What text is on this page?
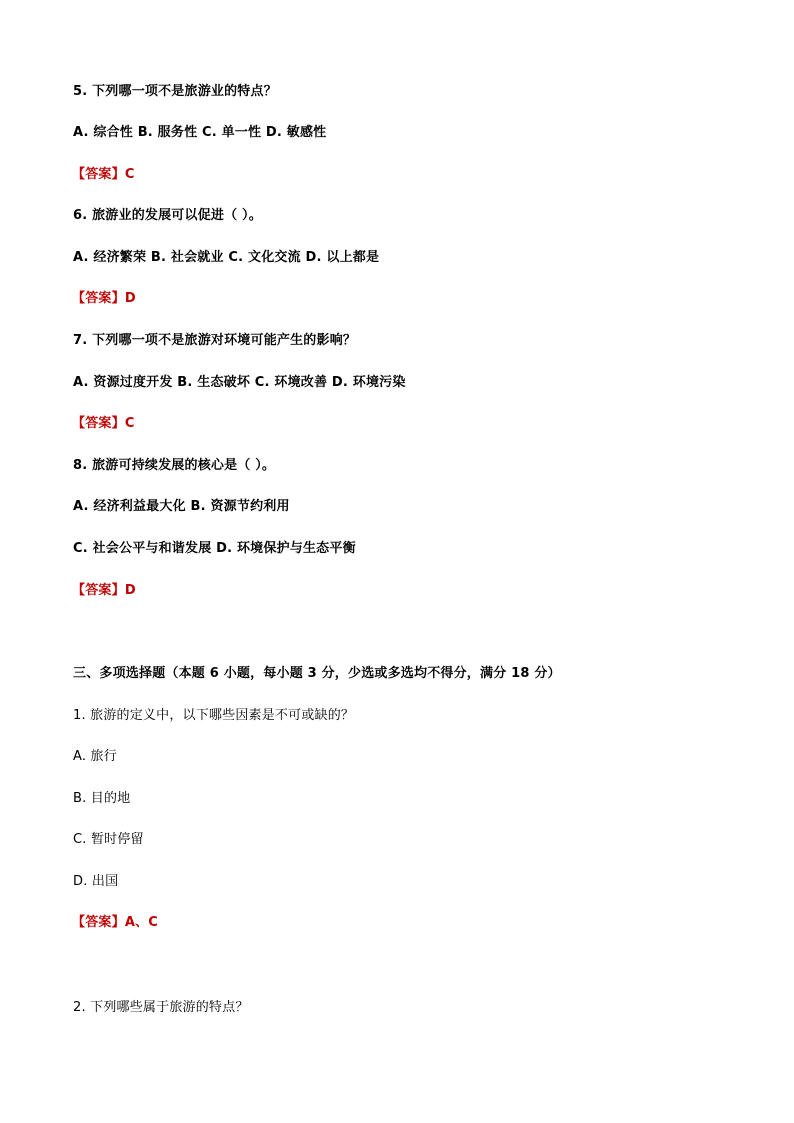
5. 下列哪一项不是旅游业的特点？
A. 综合性 B. 服务性 C. 单一性 D. 敏感性
【答案】C
6. 旅游业的发展可以促进（ ）。
A. 经济繁荣 B. 社会就业 C. 文化交流 D. 以上都是
【答案】D
7. 下列哪一项不是旅游对环境可能产生的影响？
A. 资源过度开发 B. 生态破坏 C. 环境改善 D. 环境污染
【答案】C
8. 旅游可持续发展的核心是（ ）。
A. 经济利益最大化 B. 资源节约利用
C. 社会公平与和谐发展 D. 环境保护与生态平衡
【答案】D
三、多项选择题（本题 6 小题，每小题 3 分，少选或多选均不得分，满分 18 分）
1. 旅游的定义中，以下哪些因素是不可或缺的？
A. 旅行
B. 目的地
C. 暂时停留
D. 出国
【答案】A、C
2. 下列哪些属于旅游的特点？
